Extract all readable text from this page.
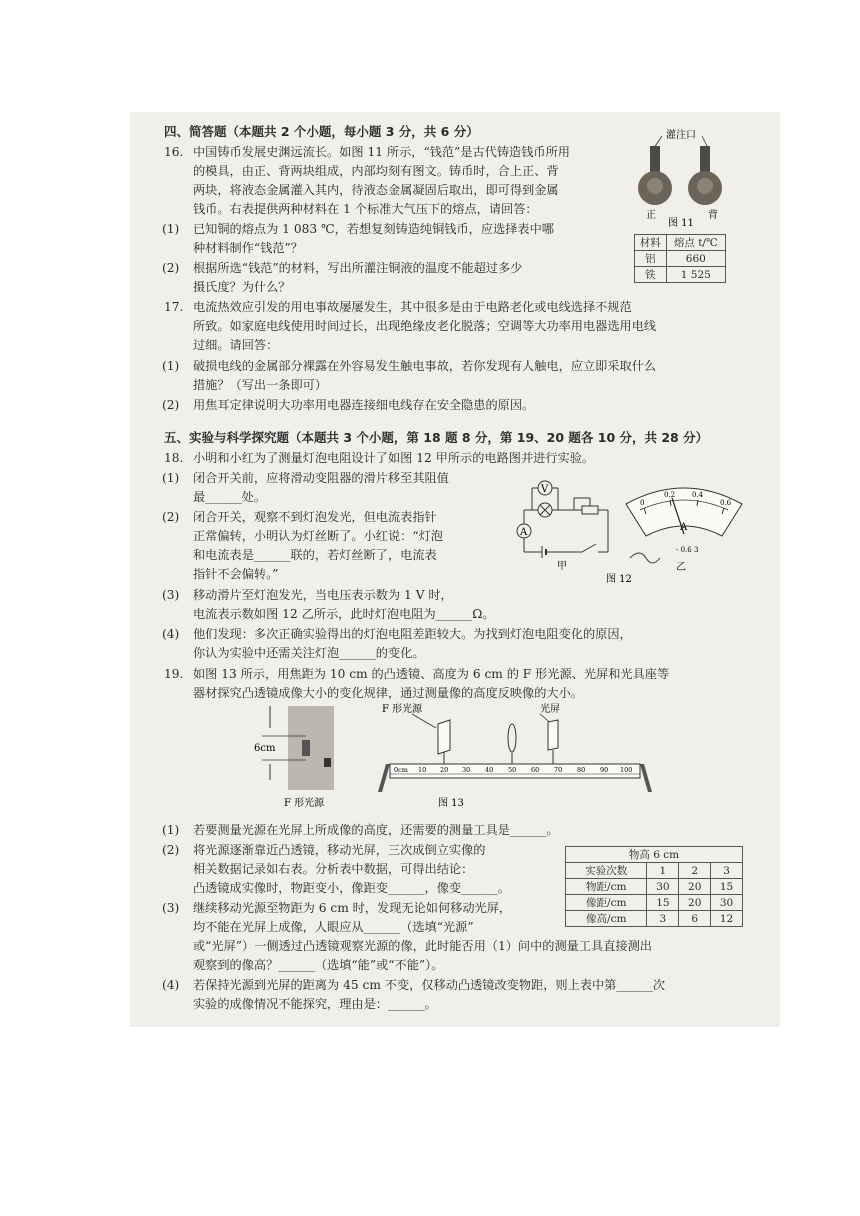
四、简答题（本题共 2 个小题，每小题 3 分，共 6 分）
16. 中国铸币发展史渊远流长。如图 11 所示，“钱范”是古代铸造钱币所用
的模具，由正、背两块组成，内部均刻有图文。铸币时，合上正、背
两块，将液态金属灌入其内，待液态金属凝固后取出，即可得到金属
钱币。右表提供两种材料在 1 个标准大气压下的熔点，请回答：
(1) 已知铜的熔点为 1 083 ℃，若想复刻铸造纯铜钱币，应选择表中哪
种材料制作“钱范”？
(2) 根据所选“钱范”的材料，写出所灌注铜液的温度不能超过多少
摄氏度？为什么？
灌注口
正	背
图 11
材料	熔点 t/℃
铝	660
铁	1 525
17. 电流热效应引发的用电事故屡屡发生，其中很多是由于电路老化或电线选择不规范
所致。如家庭电线使用时间过长，出现绝缘皮老化脱落；空调等大功率用电器选用电线
过细。请回答：
(1) 破损电线的金属部分裸露在外容易发生触电事故，若你发现有人触电，应立即采取什么
措施？（写出一条即可）
(2) 用焦耳定律说明大功率用电器连接细电线存在安全隐患的原因。
五、实验与科学探究题（本题共 3 个小题，第 18 题 8 分，第 19、20 题各 10 分，共 28 分）
18. 小明和小红为了测量灯泡电阻设计了如图 12 甲所示的电路图并进行实验。
(1) 闭合开关前，应将滑动变阻器的滑片移至其阻值
最______处。
(2) 闭合开关，观察不到灯泡发光，但电流表指针
正常偏转，小明认为灯丝断了。小红说：“灯泡
和电流表是______联的，若灯丝断了，电流表
指针不会偏转。”
(3) 移动滑片至灯泡发光，当电压表示数为 1 V 时，
电流表示数如图 12 乙所示，此时灯泡电阻为______Ω。
(4) 他们发现：多次正确实验得出的灯泡电阻差距较大。为找到灯泡电阻变化的原因，
你认为实验中还需关注灯泡______的变化。
V
A
甲
0
0.2 0.4
0.6
A
- 0.6 3
乙
图 12
19. 如图 13 所示，用焦距为 10 cm 的凸透镜、高度为 6 cm 的 F 形光源、光屏和光具座等
器材探究凸透镜成像大小的变化规律，通过测量像的高度反映像的大小。
6cm
F 形光源
F 形光源	光屏
0cm 10 20 30 40 50 60 70 80 90 100
图 13
(1) 若要测量光源在光屏上所成像的高度，还需要的测量工具是______。
(2) 将光源逐渐靠近凸透镜，移动光屏，三次成倒立实像的
相关数据记录如右表。分析表中数据，可得出结论：
凸透镜成实像时，物距变小，像距变______，像变______。
(3) 继续移动光源至物距为 6 cm 时，发现无论如何移动光屏，
均不能在光屏上成像，人眼应从______（选填“光源”
或“光屏”）一侧透过凸透镜观察光源的像，此时能否用（1）问中的测量工具直接测出
观察到的像高？______（选填“能”或“不能”）。
(4) 若保持光源到光屏的距离为 45 cm 不变，仅移动凸透镜改变物距，则上表中第______次
实验的成像情况不能探究，理由是：______。
物高 6 cm			
实验次数	1	2	3
物距/cm	30	20	15
像距/cm	15	20	30
像高/cm	3	6	12
